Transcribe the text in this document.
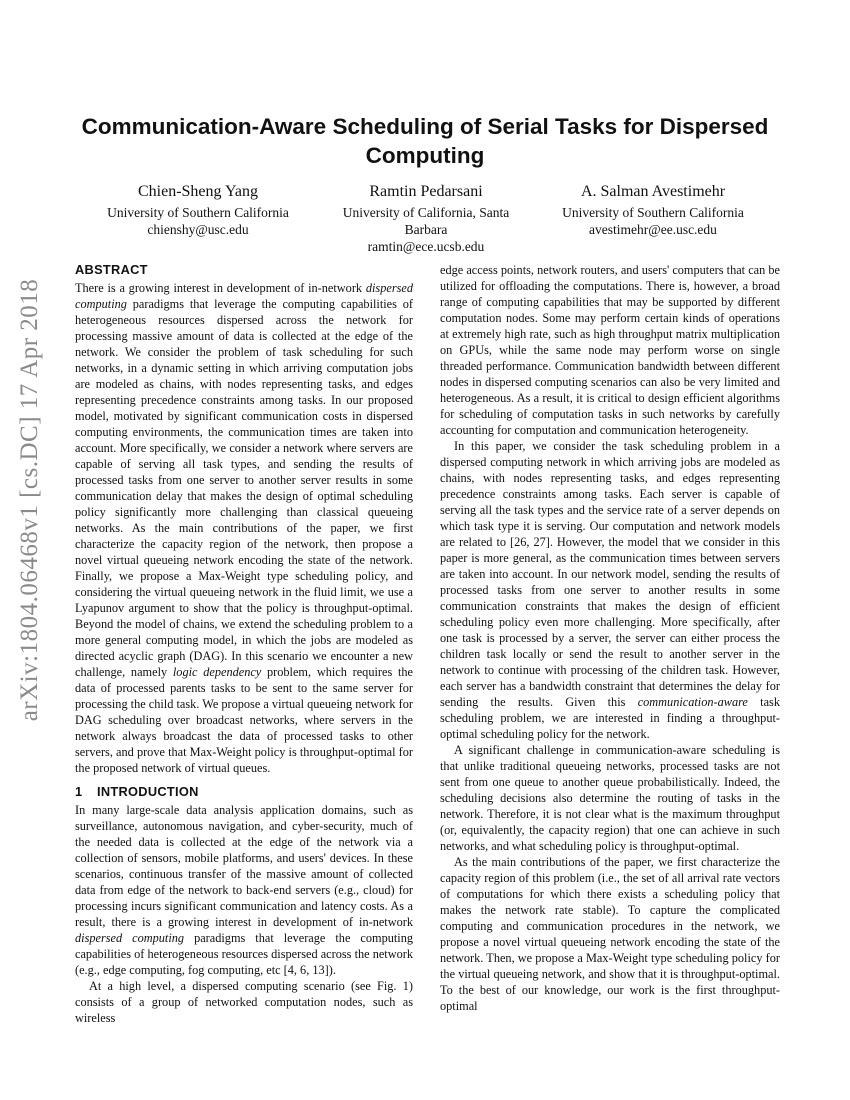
arXiv:1804.06468v1 [cs.DC] 17 Apr 2018
Communication-Aware Scheduling of Serial Tasks for Dispersed Computing
Chien-Sheng Yang
University of Southern California
chienshy@usc.edu
Ramtin Pedarsani
University of California, Santa Barbara
ramtin@ece.ucsb.edu
A. Salman Avestimehr
University of Southern California
avestimehr@ee.usc.edu
ABSTRACT

There is a growing interest in development of in-network dispersed computing paradigms that leverage the computing capabilities of heterogeneous resources dispersed across the network for processing massive amount of data is collected at the edge of the network. We consider the problem of task scheduling for such networks, in a dynamic setting in which arriving computation jobs are modeled as chains, with nodes representing tasks, and edges representing precedence constraints among tasks. In our proposed model, motivated by significant communication costs in dispersed computing environments, the communication times are taken into account. More specifically, we consider a network where servers are capable of serving all task types, and sending the results of processed tasks from one server to another server results in some communication delay that makes the design of optimal scheduling policy significantly more challenging than classical queueing networks. As the main contributions of the paper, we first characterize the capacity region of the network, then propose a novel virtual queueing network encoding the state of the network. Finally, we propose a Max-Weight type scheduling policy, and considering the virtual queueing network in the fluid limit, we use a Lyapunov argument to show that the policy is throughput-optimal. Beyond the model of chains, we extend the scheduling problem to a more general computing model, in which the jobs are modeled as directed acyclic graph (DAG). In this scenario we encounter a new challenge, namely logic dependency problem, which requires the data of processed parents tasks to be sent to the same server for processing the child task. We propose a virtual queueing network for DAG scheduling over broadcast networks, where servers in the network always broadcast the data of processed tasks to other servers, and prove that Max-Weight policy is throughput-optimal for the proposed network of virtual queues.

1 INTRODUCTION

In many large-scale data analysis application domains, such as surveillance, autonomous navigation, and cyber-security, much of the needed data is collected at the edge of the network via a collection of sensors, mobile platforms, and users' devices. In these scenarios, continuous transfer of the massive amount of collected data from edge of the network to back-end servers (e.g., cloud) for processing incurs significant communication and latency costs. As a result, there is a growing interest in development of in-network dispersed computing paradigms that leverage the computing capabilities of heterogeneous resources dispersed across the network (e.g., edge computing, fog computing, etc [4, 6, 13]).

At a high level, a dispersed computing scenario (see Fig. 1) consists of a group of networked computation nodes, such as wireless

edge access points, network routers, and users' computers that can be utilized for offloading the computations. There is, however, a broad range of computing capabilities that may be supported by different computation nodes. Some may perform certain kinds of operations at extremely high rate, such as high throughput matrix multiplication on GPUs, while the same node may perform worse on single threaded performance. Communication bandwidth between different nodes in dispersed computing scenarios can also be very limited and heterogeneous. As a result, it is critical to design efficient algorithms for scheduling of computation tasks in such networks by carefully accounting for computation and communication heterogeneity.

In this paper, we consider the task scheduling problem in a dispersed computing network in which arriving jobs are modeled as chains, with nodes representing tasks, and edges representing precedence constraints among tasks. Each server is capable of serving all the task types and the service rate of a server depends on which task type it is serving. Our computation and network models are related to [26, 27]. However, the model that we consider in this paper is more general, as the communication times between servers are taken into account. In our network model, sending the results of processed tasks from one server to another results in some communication constraints that makes the design of efficient scheduling policy even more challenging. More specifically, after one task is processed by a server, the server can either process the children task locally or send the result to another server in the network to continue with processing of the children task. However, each server has a bandwidth constraint that determines the delay for sending the results. Given this communication-aware task scheduling problem, we are interested in finding a throughput-optimal scheduling policy for the network.

A significant challenge in communication-aware scheduling is that unlike traditional queueing networks, processed tasks are not sent from one queue to another queue probabilistically. Indeed, the scheduling decisions also determine the routing of tasks in the network. Therefore, it is not clear what is the maximum throughput (or, equivalently, the capacity region) that one can achieve in such networks, and what scheduling policy is throughput-optimal.

As the main contributions of the paper, we first characterize the capacity region of this problem (i.e., the set of all arrival rate vectors of computations for which there exists a scheduling policy that makes the network rate stable). To capture the complicated computing and communication procedures in the network, we propose a novel virtual queueing network encoding the state of the network. Then, we propose a Max-Weight type scheduling policy for the virtual queueing network, and show that it is throughput-optimal. To the best of our knowledge, our work is the first throughput-optimal
